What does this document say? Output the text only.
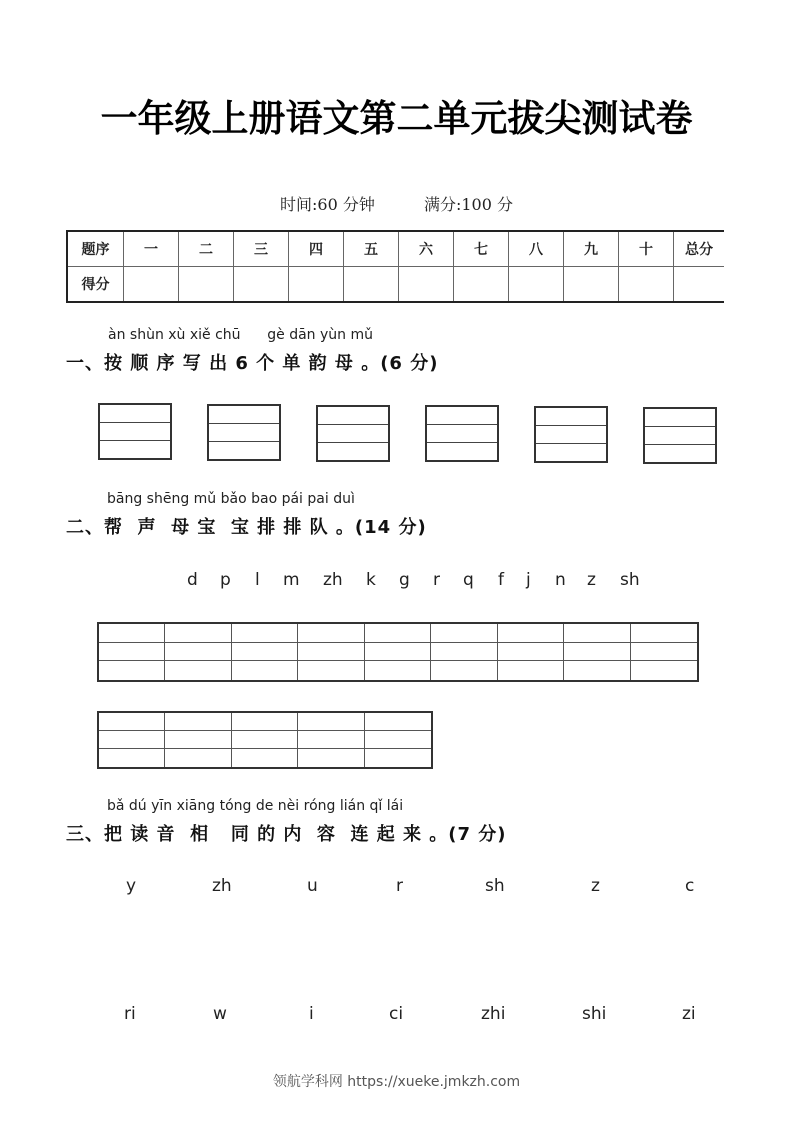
一年级上册语文第二单元拔尖测试卷
时间:60 分钟	满分:100 分
题序	一	二	三	四	五	六	七	八	九	十	总分
得分											
àn shùn xù xiě chū      gè dān yùn mǔ
一、按 顺 序 写 出 6 个 单 韵 母 。(6 分)
bāng shēng mǔ bǎo bao pái pai duì
二、帮  声  母 宝  宝 排 排 队 。(14 分)
d p l m zh k g r q f j n z sh
bǎ dú yīn xiāng tóng de nèi róng lián qǐ lái
三、把 读 音  相   同 的 内  容  连 起 来 。(7 分)
y	zh	u	r	sh	z	c
ri	w	i	ci	zhi	shi	zi
领航学科网 https://xueke.jmkzh.com
